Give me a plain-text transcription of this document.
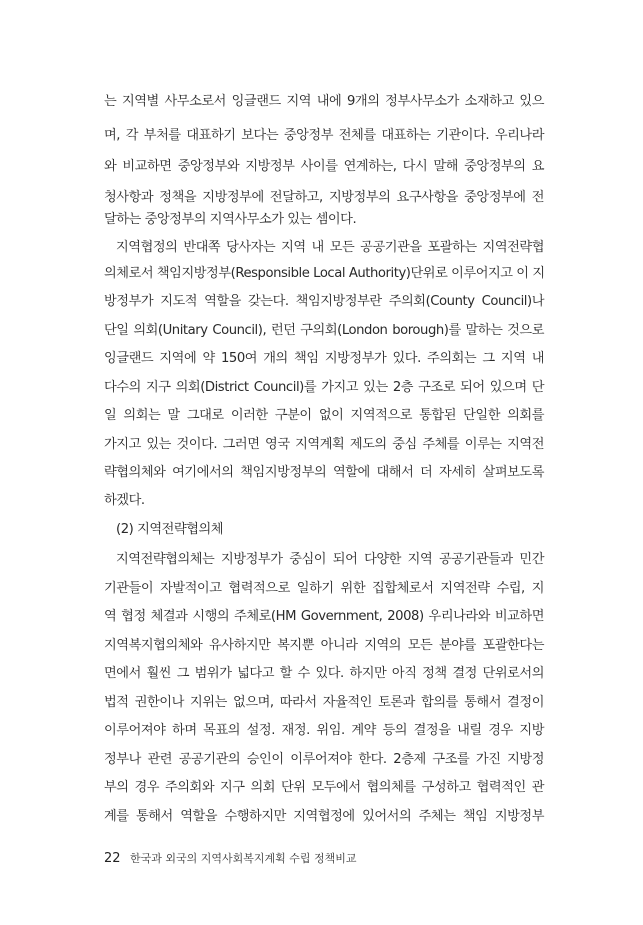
는 지역별 사무소로서 잉글랜드 지역 내에 9개의 정부사무소가 소재하고 있으
며, 각 부처를 대표하기 보다는 중앙정부 전체를 대표하는 기관이다. 우리나라
와 비교하면 중앙정부와 지방정부 사이를 연계하는, 다시 말해 중앙정부의 요
청사항과 정책을 지방정부에 전달하고, 지방정부의 요구사항을 중앙정부에 전
달하는 중앙정부의 지역사무소가 있는 셈이다.
지역협정의 반대쪽 당사자는 지역 내 모든 공공기관을 포괄하는 지역전략협
의체로서 책임지방정부(Responsible Local Authority)단위로 이루어지고 이 지
방정부가 지도적 역할을 갖는다. 책임지방정부란 주의회(County Council)나
단일 의회(Unitary Council), 런던 구의회(London borough)를 말하는 것으로
잉글랜드 지역에 약 150여 개의 책임 지방정부가 있다. 주의회는 그 지역 내
다수의 지구 의회(District Council)를 가지고 있는 2층 구조로 되어 있으며 단
일 의회는 말 그대로 이러한 구분이 없이 지역적으로 통합된 단일한 의회를
가지고 있는 것이다. 그러면 영국 지역계획 제도의 중심 주체를 이루는 지역전
략협의체와 여기에서의 책임지방정부의 역할에 대해서 더 자세히 살펴보도록
하겠다.
(2) 지역전략협의체
지역전략협의체는 지방정부가 중심이 되어 다양한 지역 공공기관들과 민간
기관들이 자발적이고 협력적으로 일하기 위한 집합체로서 지역전략 수립, 지
역 협정 체결과 시행의 주체로(HM Government, 2008) 우리나라와 비교하면
지역복지협의체와 유사하지만 복지뿐 아니라 지역의 모든 분야를 포괄한다는
면에서 훨씬 그 범위가 넓다고 할 수 있다. 하지만 아직 정책 결정 단위로서의
법적 권한이나 지위는 없으며, 따라서 자율적인 토론과 합의를 통해서 결정이
이루어져야 하며 목표의 설정. 재정. 위임. 계약 등의 결정을 내릴 경우 지방
정부나 관련 공공기관의 승인이 이루어져야 한다. 2층제 구조를 가진 지방정
부의 경우 주의회와 지구 의회 단위 모두에서 협의체를 구성하고 협력적인 관
계를 통해서 역할을 수행하지만 지역협정에 있어서의 주체는 책임 지방정부
22 한국과 외국의 지역사회복지계획 수립 정책비교
